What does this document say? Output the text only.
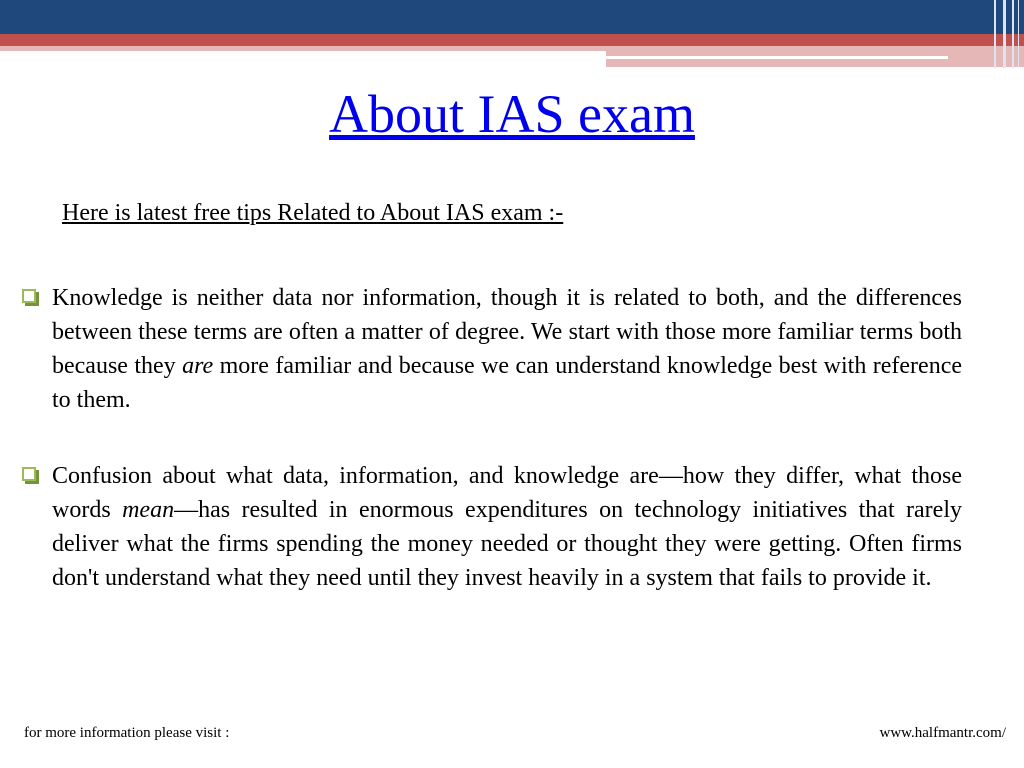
About IAS exam
Here is latest free tips Related to About IAS exam :-
Knowledge is neither data nor information, though it is related to both, and the differences between these terms are often a matter of degree. We start with those more familiar terms both because they are more familiar and because we can understand knowledge best with reference to them.
Confusion about what data, information, and knowledge are—how they differ, what those words mean—has resulted in enormous expenditures on technology initiatives that rarely deliver what the firms spending the money needed or thought they were getting. Often firms don't understand what they need until they invest heavily in a system that fails to provide it.
for more information please visit :	www.halfmantr.com/
